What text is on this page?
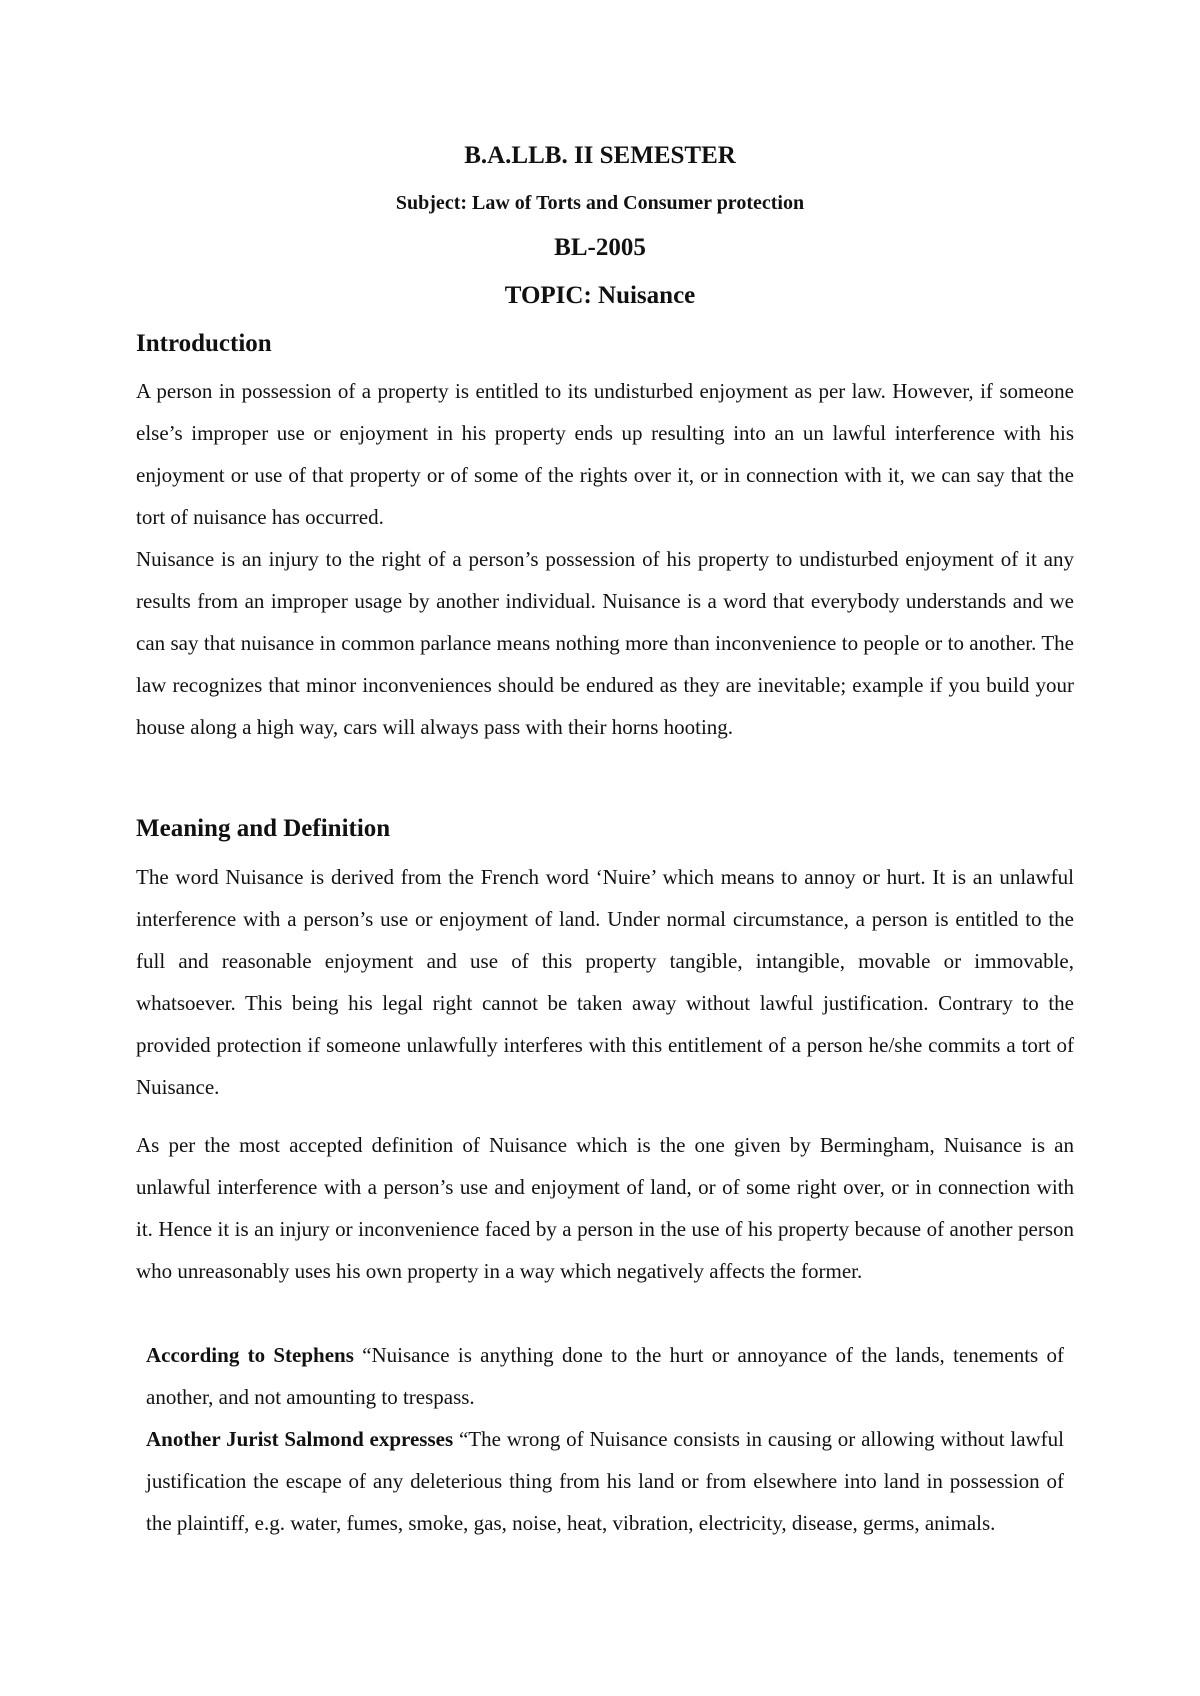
B.A.LLB. II SEMESTER

Subject: Law of Torts and Consumer protection

BL-2005

TOPIC: Nuisance

Introduction

A person in possession of a property is entitled to its undisturbed enjoyment as per law. However, if someone else’s improper use or enjoyment in his property ends up resulting into an un lawful interference with his enjoyment or use of that property or of some of the rights over it, or in connection with it, we can say that the tort of nuisance has occurred.

Nuisance is an injury to the right of a person’s possession of his property to undisturbed enjoyment of it any results from an improper usage by another individual. Nuisance is a word that everybody understands and we can say that nuisance in common parlance means nothing more than inconvenience to people or to another. The law recognizes that minor inconveniences should be endured as they are inevitable; example if you build your house along a high way, cars will always pass with their horns hooting.

Meaning and Definition

The word Nuisance is derived from the French word ‘Nuire’ which means to annoy or hurt. It is an unlawful interference with a person’s use or enjoyment of land. Under normal circumstance, a person is entitled to the full and reasonable enjoyment and use of this property tangible, intangible, movable or immovable, whatsoever. This being his legal right cannot be taken away without lawful justification. Contrary to the provided protection if someone unlawfully interferes with this entitlement of a person he/she commits a tort of Nuisance.

As per the most accepted definition of Nuisance which is the one given by Bermingham, Nuisance is an unlawful interference with a person’s use and enjoyment of land, or of some right over, or in connection with it. Hence it is an injury or inconvenience faced by a person in the use of his property because of another person who unreasonably uses his own property in a way which negatively affects the former.

According to Stephens “Nuisance is anything done to the hurt or annoyance of the lands, tenements of another, and not amounting to trespass.

Another Jurist Salmond expresses “The wrong of Nuisance consists in causing or allowing without lawful justification the escape of any deleterious thing from his land or from elsewhere into land in possession of the plaintiff, e.g. water, fumes, smoke, gas, noise, heat, vibration, electricity, disease, germs, animals.
